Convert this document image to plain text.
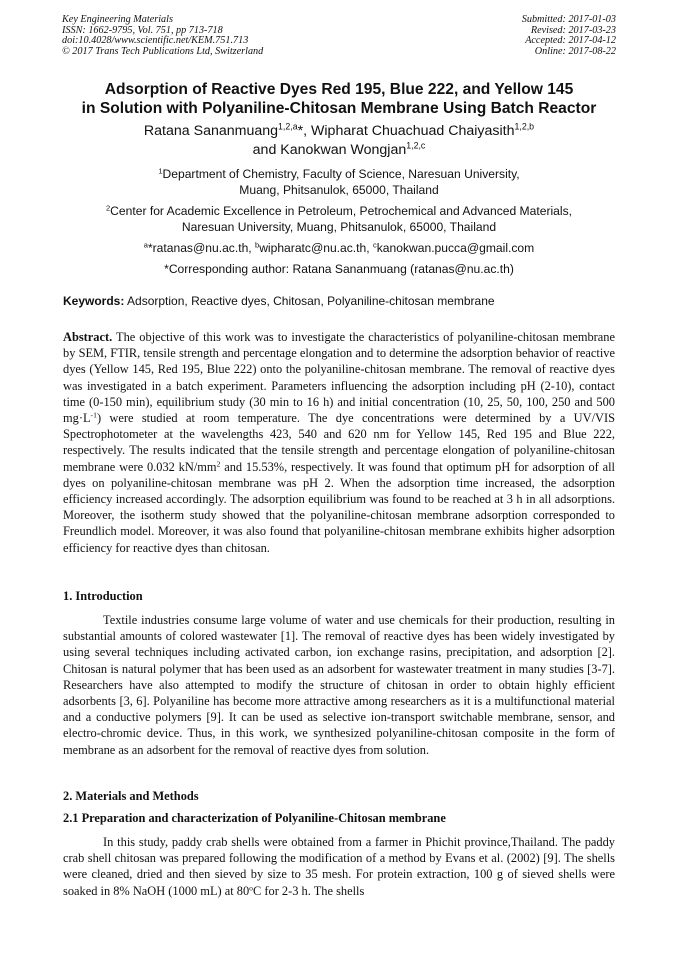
Key Engineering Materials
ISSN: 1662-9795, Vol. 751, pp 713-718
doi:10.4028/www.scientific.net/KEM.751.713
© 2017 Trans Tech Publications Ltd, Switzerland
Submitted: 2017-01-03
Revised: 2017-03-23
Accepted: 2017-04-12
Online: 2017-08-22
Adsorption of Reactive Dyes Red 195, Blue 222, and Yellow 145
in Solution with Polyaniline-Chitosan Membrane Using Batch Reactor
Ratana Sananmuang$^{1,2,a}$*, Wipharat Chuachuad Chaiyasith$^{1,2,b}$
and Kanokwan Wongjan$^{1,2,c}$
$^1$Department of Chemistry, Faculty of Science, Naresuan University,
Muang, Phitsanulok, 65000, Thailand
$^2$Center for Academic Excellence in Petroleum, Petrochemical and Advanced Materials,
Naresuan University, Muang, Phitsanulok, 65000, Thailand
$^a$*ratanas@nu.ac.th, $^b$wipharatc@nu.ac.th, $^c$kanokwan.pucca@gmail.com
*Corresponding author: Ratana Sananmuang (ratanas@nu.ac.th)
Keywords: Adsorption, Reactive dyes, Chitosan, Polyaniline-chitosan membrane
Abstract. The objective of this work was to investigate the characteristics of polyaniline-chitosan membrane by SEM, FTIR, tensile strength and percentage elongation and to determine the adsorption behavior of reactive dyes (Yellow 145, Red 195, Blue 222) onto the polyaniline-chitosan membrane. The removal of reactive dyes was investigated in a batch experiment. Parameters influencing the adsorption including pH (2-10), contact time (0-150 min), equilibrium study (30 min to 16 h) and initial concentration (10, 25, 50, 100, 250 and 500 $mg\cdot L^{-1}$) were studied at room temperature. The dye concentrations were determined by a UV/VIS Spectrophotometer at the wavelengths 423, 540 and 620 nm for Yellow 145, Red 195 and Blue 222, respectively. The results indicated that the tensile strength and percentage elongation of polyaniline-chitosan membrane were 0.032 $kN/mm^2$ and 15.53%, respectively. It was found that optimum pH for adsorption of all dyes on polyaniline-chitosan membrane was pH 2. When the adsorption time increased, the adsorption efficiency increased accordingly. The adsorption equilibrium was found to be reached at 3 h in all adsorptions. Moreover, the isotherm study showed that the polyaniline-chitosan membrane adsorption corresponded to Freundlich model. Moreover, it was also found that polyaniline-chitosan membrane exhibits higher adsorption efficiency for reactive dyes than chitosan.
1. Introduction
Textile industries consume large volume of water and use chemicals for their production, resulting in substantial amounts of colored wastewater [1]. The removal of reactive dyes has been widely investigated by using several techniques including activated carbon, ion exchange rasins, precipitation, and adsorption [2]. Chitosan is natural polymer that has been used as an adsorbent for wastewater treatment in many studies [3-7]. Researchers have also attempted to modify the structure of chitosan in order to obtain highly efficient adsorbents [3, 6]. Polyaniline has become more attractive among researchers as it is a multifunctional material and a conductive polymers [9]. It can be used as selective ion-transport switchable membrane, sensor, and electro-chromic device. Thus, in this work, we synthesized polyaniline-chitosan composite in the form of membrane as an adsorbent for the removal of reactive dyes from solution.
2. Materials and Methods
2.1 Preparation and characterization of Polyaniline-Chitosan membrane
In this study, paddy crab shells were obtained from a farmer in Phichit province,Thailand. The paddy crab shell chitosan was prepared following the modification of a method by Evans et al. (2002) [9]. The shells were cleaned, dried and then sieved by size to 35 mesh. For protein extraction, 100 g of sieved shells were soaked in 8% NaOH (1000 mL) at 80$^o$C for 2-3 h. The shells
